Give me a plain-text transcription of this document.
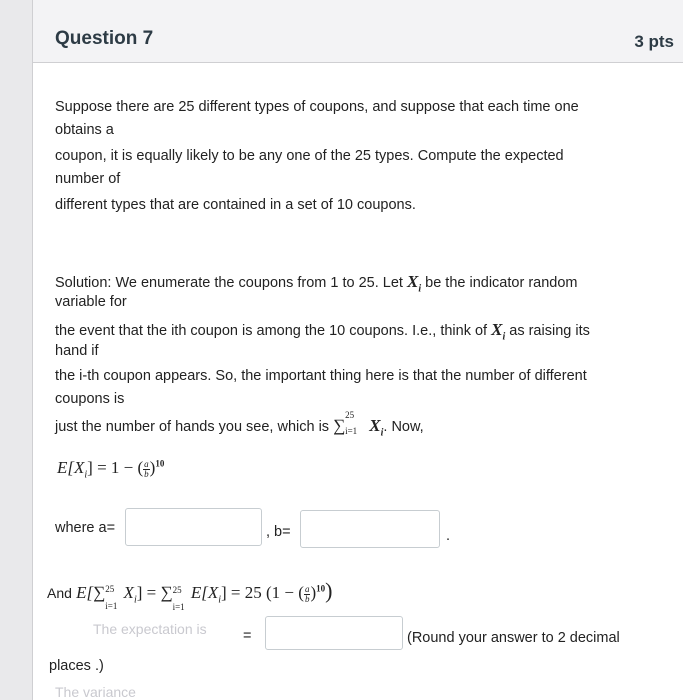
Question 7	3 pts
Suppose there are 25 different types of coupons, and suppose that each time one
obtains a
coupon, it is equally likely to be any one of the 25 types. Compute the expected
number of
different types that are contained in a set of 10 coupons.
Solution: We enumerate the coupons from 1 to 25. Let $X_i$ be the indicator random
variable for
the event that the ith coupon is among the 10 coupons. I.e., think of $X_i$ as raising its
hand if
the i-th coupon appears. So, the important thing here is that the number of different
coupons is
just the number of hands you see, which is ∑
25
i=1 $X_i$. Now,
$E[X_i] = 1$ − ( $\frac{a}{b} )^{10}$
where a=	, b=	.
And E[∑ 25
i=1
$X_i$] = ∑ 25
i=1
$E[X_i] = 25$ (1 − ( $\frac{a}{b} )^{10}$)
The expectation is	=	(Round your answer to 2 decimal
places .)
The variance
